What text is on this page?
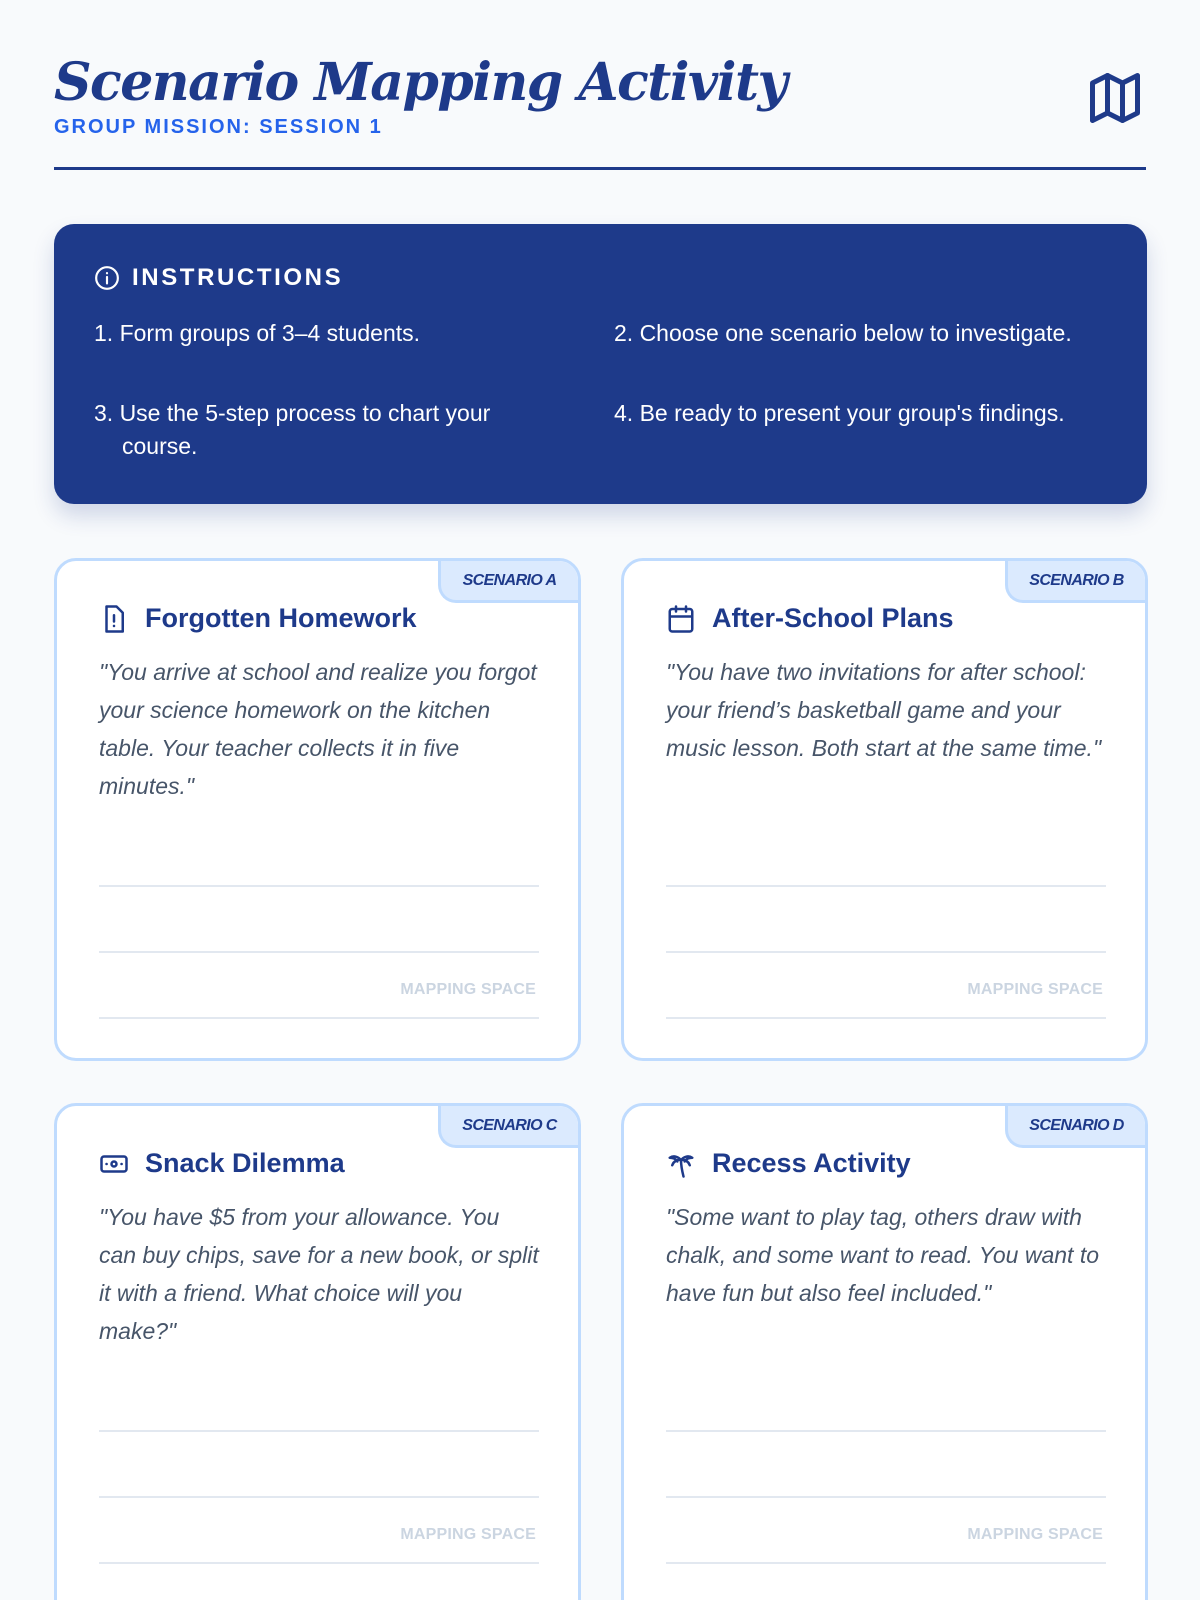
Scenario Mapping Activity
GROUP MISSION: SESSION 1
INSTRUCTIONS
1. Form groups of 3–4 students.	2. Choose one scenario below to investigate.
3. Use the 5-step process to chart your course.
4. Be ready to present your group's findings.
SCENARIO A
Forgotten Homework
"You arrive at school and realize you forgot your science homework on the kitchen table. Your teacher collects it in five minutes."
MAPPING SPACE
SCENARIO B
After-School Plans
"You have two invitations for after school: your friend’s basketball game and your music lesson. Both start at the same time."
MAPPING SPACE
SCENARIO C
Snack Dilemma
"You have $5 from your allowance. You can buy chips, save for a new book, or split it with a friend. What choice will you make?"
MAPPING SPACE
SCENARIO D
Recess Activity
"Some want to play tag, others draw with chalk, and some want to read. You want to have fun but also feel included."
MAPPING SPACE
